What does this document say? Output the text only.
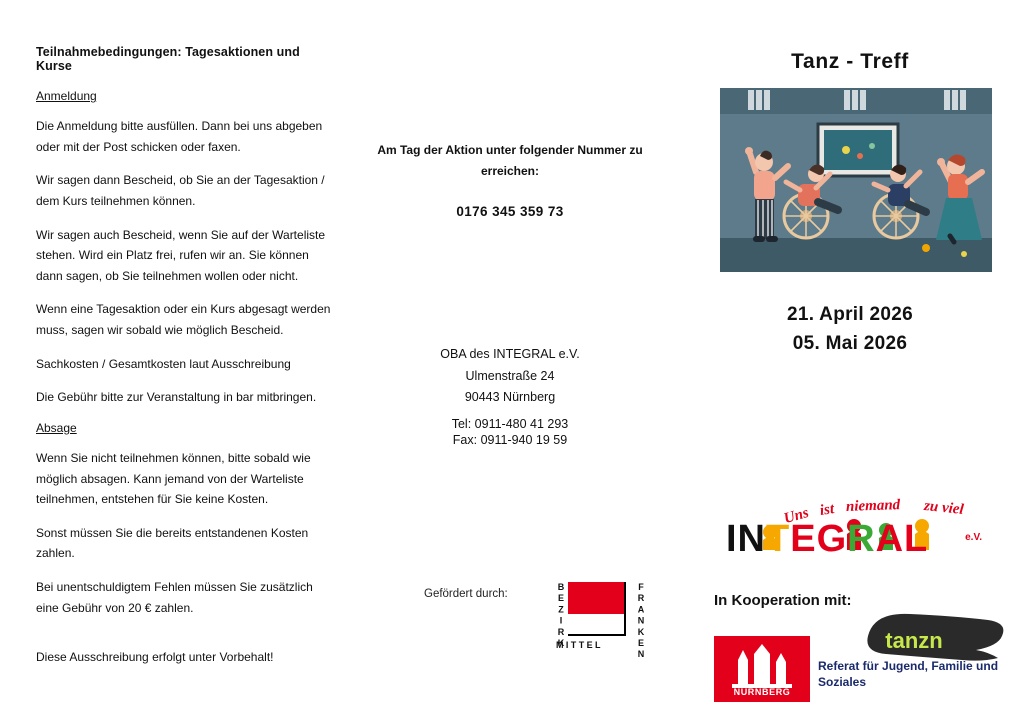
Teilnahmebedingungen: Tagesaktionen und Kurse
Anmeldung
Die Anmeldung bitte ausfüllen. Dann bei uns abgeben oder mit der Post schicken oder faxen.
Wir sagen dann Bescheid, ob Sie an der Tagesaktion / dem Kurs teilnehmen können.
Wir sagen auch Bescheid, wenn Sie auf der Warteliste stehen. Wird ein Platz frei, rufen wir an. Sie können dann sagen, ob Sie teilnehmen wollen oder nicht.
Wenn eine Tagesaktion oder ein Kurs abgesagt werden muss, sagen wir sobald wie möglich Bescheid.
Sachkosten / Gesamtkosten laut Ausschreibung
Die Gebühr bitte zur Veranstaltung in bar mitbringen.
Absage
Wenn Sie nicht teilnehmen können, bitte sobald wie möglich absagen. Kann jemand von der Warteliste teilnehmen, entstehen für Sie keine Kosten.
Sonst müssen Sie die bereits entstandenen Kosten zahlen.
Bei unentschuldigtem Fehlen müssen Sie zusätzlich eine Gebühr von 20 € zahlen.
Diese Ausschreibung erfolgt unter Vorbehalt!
Am Tag der Aktion unter folgender Nummer zu erreichen:
0176 345 359 73
OBA des INTEGRAL e.V.
Ulmenstraße 24
90443 Nürnberg
Tel: 0911-480 41 293
Fax: 0911-940 19 59
Gefördert durch:	BEZIRK	FRANKEN
MITTEL
Tanz - Treff
21. April 2026
05. Mai 2026
Uns ist niemand zu viel
INTEGRAL	e.V.
In Kooperation mit:
tanzn
NÜRNBERG
Referat für Jugend, Familie und Soziales
